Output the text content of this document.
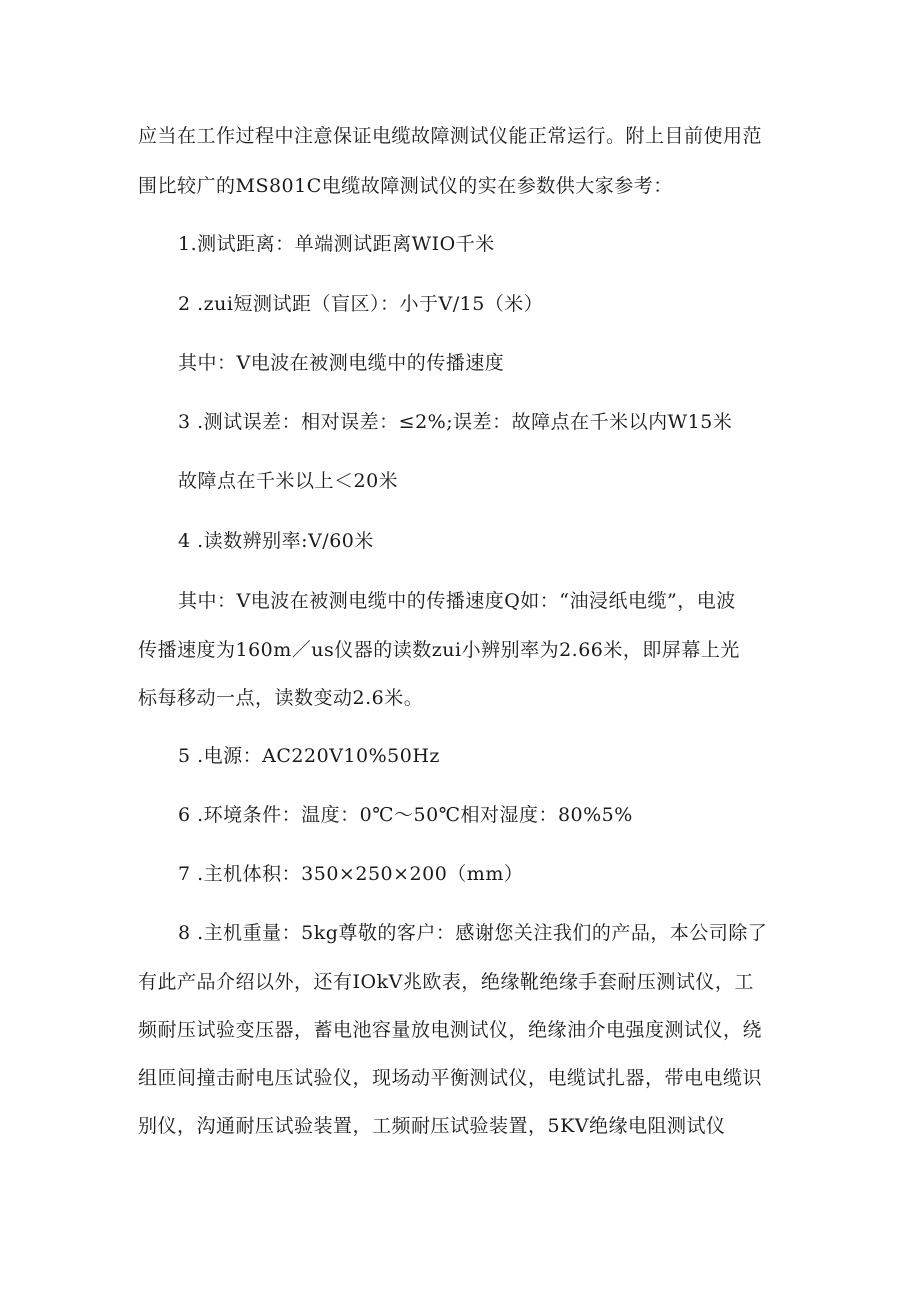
应当在工作过程中注意保证电缆故障测试仪能正常运行。附上目前使用范
围比较广的MS801C电缆故障测试仪的实在参数供大家参考：
1.测试距离：单端测试距离WIO千米
2 .zui短测试距（盲区）：小于V/15（米）
其中：V电波在被测电缆中的传播速度
3 .测试误差：相对误差：≤2%;误差：故障点在千米以内W15米
故障点在千米以上＜20米
4 .读数辨别率:V/60米
其中：V电波在被测电缆中的传播速度Q如：“油浸纸电缆”，电波
传播速度为160m／us仪器的读数zui小辨别率为2.66米，即屏幕上光
标每移动一点，读数变动2.6米。
5 .电源：AC220V10%50Hz
6 .环境条件：温度：0℃～50℃相对湿度：80%5%
7 .主机体积：350×250×200（mm）
8 .主机重量：5kg尊敬的客户：感谢您关注我们的产品，本公司除了
有此产品介绍以外，还有IOkV兆欧表，绝缘靴绝缘手套耐压测试仪，工
频耐压试验变压器，蓄电池容量放电测试仪，绝缘油介电强度测试仪，绕
组匝间撞击耐电压试验仪，现场动平衡测试仪，电缆试扎器，带电电缆识
别仪，沟通耐压试验装置，工频耐压试验装置，5KV绝缘电阻测试仪
